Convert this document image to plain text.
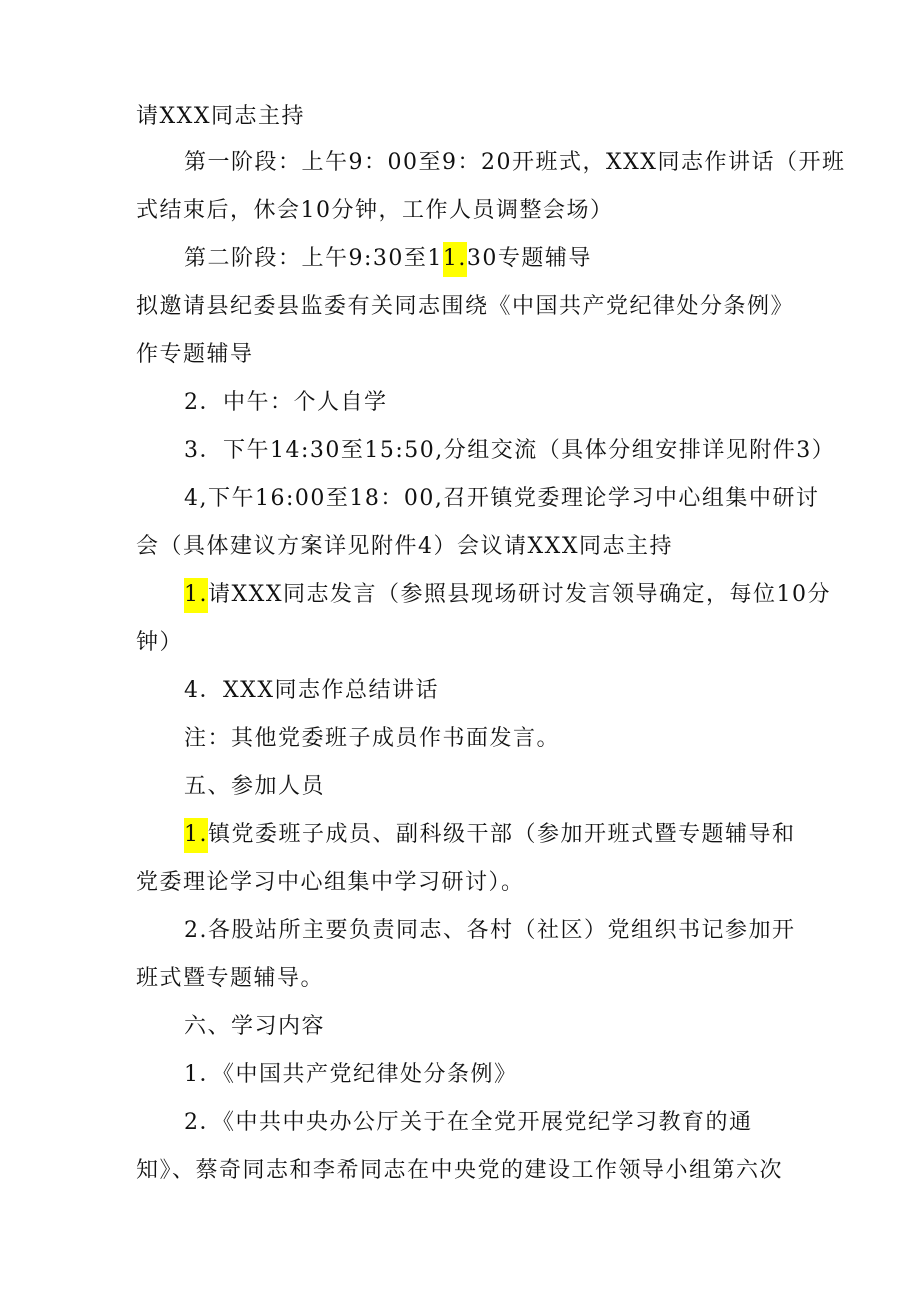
请XXX同志主持
第一阶段：上午9：00至9：20开班式，XXX同志作讲话（开班
式结束后，休会10分钟，工作人员调整会场）
第二阶段：上午9:30至11.30专题辅导
拟邀请县纪委县监委有关同志围绕《中国共产党纪律处分条例》
作专题辅导
2．中午：个人自学
3．下午14:30至15:50,分组交流（具体分组安排详见附件3）
4,下午16:00至18：00,召开镇党委理论学习中心组集中研讨
会（具体建议方案详见附件4）会议请XXX同志主持
1.请XXX同志发言（参照县现场研讨发言领导确定，每位10分
钟）
4．XXX同志作总结讲话
注：其他党委班子成员作书面发言。
五、参加人员
1.镇党委班子成员、副科级干部（参加开班式暨专题辅导和
党委理论学习中心组集中学习研讨）。
2.各股站所主要负责同志、各村（社区）党组织书记参加开
班式暨专题辅导。
六、学习内容
1．《中国共产党纪律处分条例》
2．《中共中央办公厅关于在全党开展党纪学习教育的通
知》、蔡奇同志和李希同志在中央党的建设工作领导小组第六次
